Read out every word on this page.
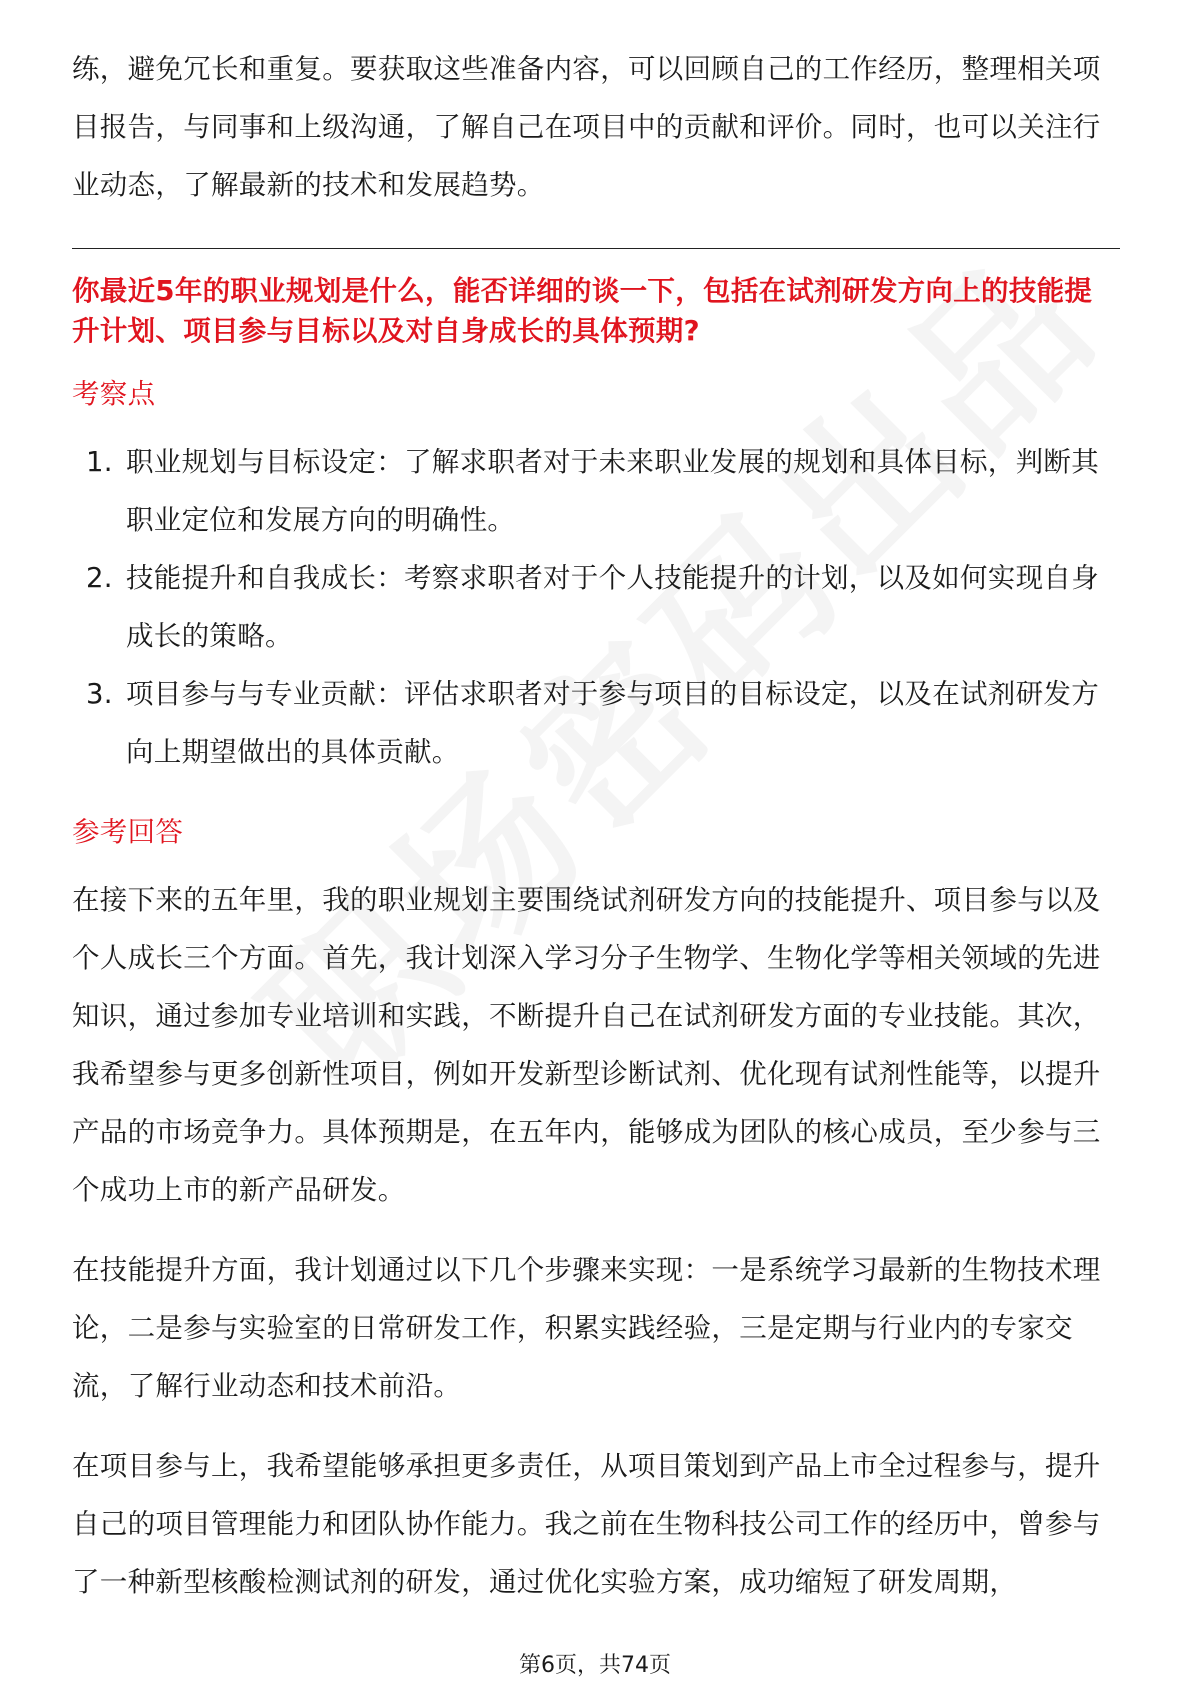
练，避免冗长和重复。要获取这些准备内容，可以回顾自己的工作经历，整理相关项目报告，与同事和上级沟通，了解自己在项目中的贡献和评价。同时，也可以关注行业动态，了解最新的技术和发展趋势。

你最近5年的职业规划是什么，能否详细的谈一下，包括在试剂研发方向上的技能提升计划、项目参与目标以及对自身成长的具体预期?
考察点
1. 职业规划与目标设定：了解求职者对于未来职业发展的规划和具体目标，判断其职业定位和发展方向的明确性。
2. 技能提升和自我成长：考察求职者对于个人技能提升的计划，以及如何实现自身成长的策略。
3. 项目参与与专业贡献：评估求职者对于参与项目的目标设定，以及在试剂研发方向上期望做出的具体贡献。
参考回答

在接下来的五年里，我的职业规划主要围绕试剂研发方向的技能提升、项目参与以及个人成长三个方面。首先，我计划深入学习分子生物学、生物化学等相关领域的先进知识，通过参加专业培训和实践，不断提升自己在试剂研发方面的专业技能。其次，我希望参与更多创新性项目，例如开发新型诊断试剂、优化现有试剂性能等，以提升产品的市场竞争力。具体预期是，在五年内，能够成为团队的核心成员，至少参与三个成功上市的新产品研发。

在技能提升方面，我计划通过以下几个步骤来实现：一是系统学习最新的生物技术理论，二是参与实验室的日常研发工作，积累实践经验，三是定期与行业内的专家交流，了解行业动态和技术前沿。

在项目参与上，我希望能够承担更多责任，从项目策划到产品上市全过程参与，提升自己的项目管理能力和团队协作能力。我之前在生物科技公司工作的经历中，曾参与了一种新型核酸检测试剂的研发，通过优化实验方案，成功缩短了研发周期，

第6页，共74页
